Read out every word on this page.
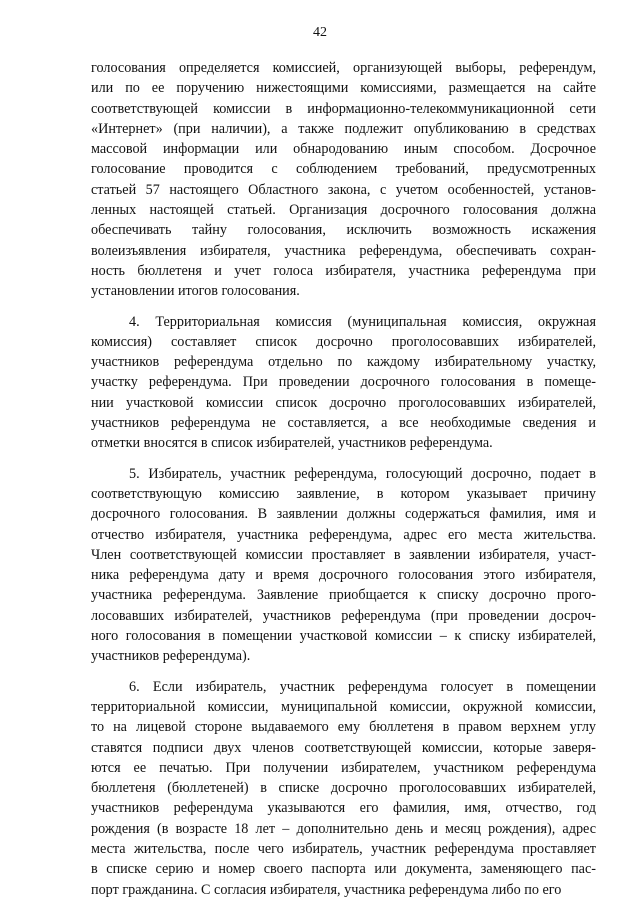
42

голосования определяется комиссией, организующей выборы, референдум,
или по ее поручению нижестоящими комиссиями, размещается на сайте
соответствующей комиссии в информационно-телекоммуникационной сети
«Интернет» (при наличии), а также подлежит опубликованию в средствах
массовой информации или обнародованию иным способом. Досрочное
голосование проводится с соблюдением требований, предусмотренных
статьей 57 настоящего Областного закона, с учетом особенностей, установ-
ленных настоящей статьей. Организация досрочного голосования должна
обеспечивать тайну голосования, исключить возможность искажения
волеизъявления избирателя, участника референдума, обеспечивать сохран-
ность бюллетеня и учет голоса избирателя, участника референдума при
установлении итогов голосования.

4. Территориальная комиссия (муниципальная комиссия, окружная
комиссия) составляет список досрочно проголосовавших избирателей,
участников референдума отдельно по каждому избирательному участку,
участку референдума. При проведении досрочного голосования в помеще-
нии участковой комиссии список досрочно проголосовавших избирателей,
участников референдума не составляется, а все необходимые сведения и
отметки вносятся в список избирателей, участников референдума.

5. Избиратель, участник референдума, голосующий досрочно, подает в
соответствующую комиссию заявление, в котором указывает причину
досрочного голосования. В заявлении должны содержаться фамилия, имя и
отчество избирателя, участника референдума, адрес его места жительства.
Член соответствующей комиссии проставляет в заявлении избирателя, участ-
ника референдума дату и время досрочного голосования этого избирателя,
участника референдума. Заявление приобщается к списку досрочно прого-
лосовавших избирателей, участников референдума (при проведении досроч-
ного голосования в помещении участковой комиссии – к списку избирателей,
участников референдума).

6. Если избиратель, участник референдума голосует в помещении
территориальной комиссии, муниципальной комиссии, окружной комиссии,
то на лицевой стороне выдаваемого ему бюллетеня в правом верхнем углу
ставятся подписи двух членов соответствующей комиссии, которые заверя-
ются ее печатью. При получении избирателем, участником референдума
бюллетеня (бюллетеней) в списке досрочно проголосовавших избирателей,
участников референдума указываются его фамилия, имя, отчество, год
рождения (в возрасте 18 лет – дополнительно день и месяц рождения), адрес
места жительства, после чего избиратель, участник референдума проставляет
в списке серию и номер своего паспорта или документа, заменяющего пас-
порт гражданина. С согласия избирателя, участника референдума либо по его
